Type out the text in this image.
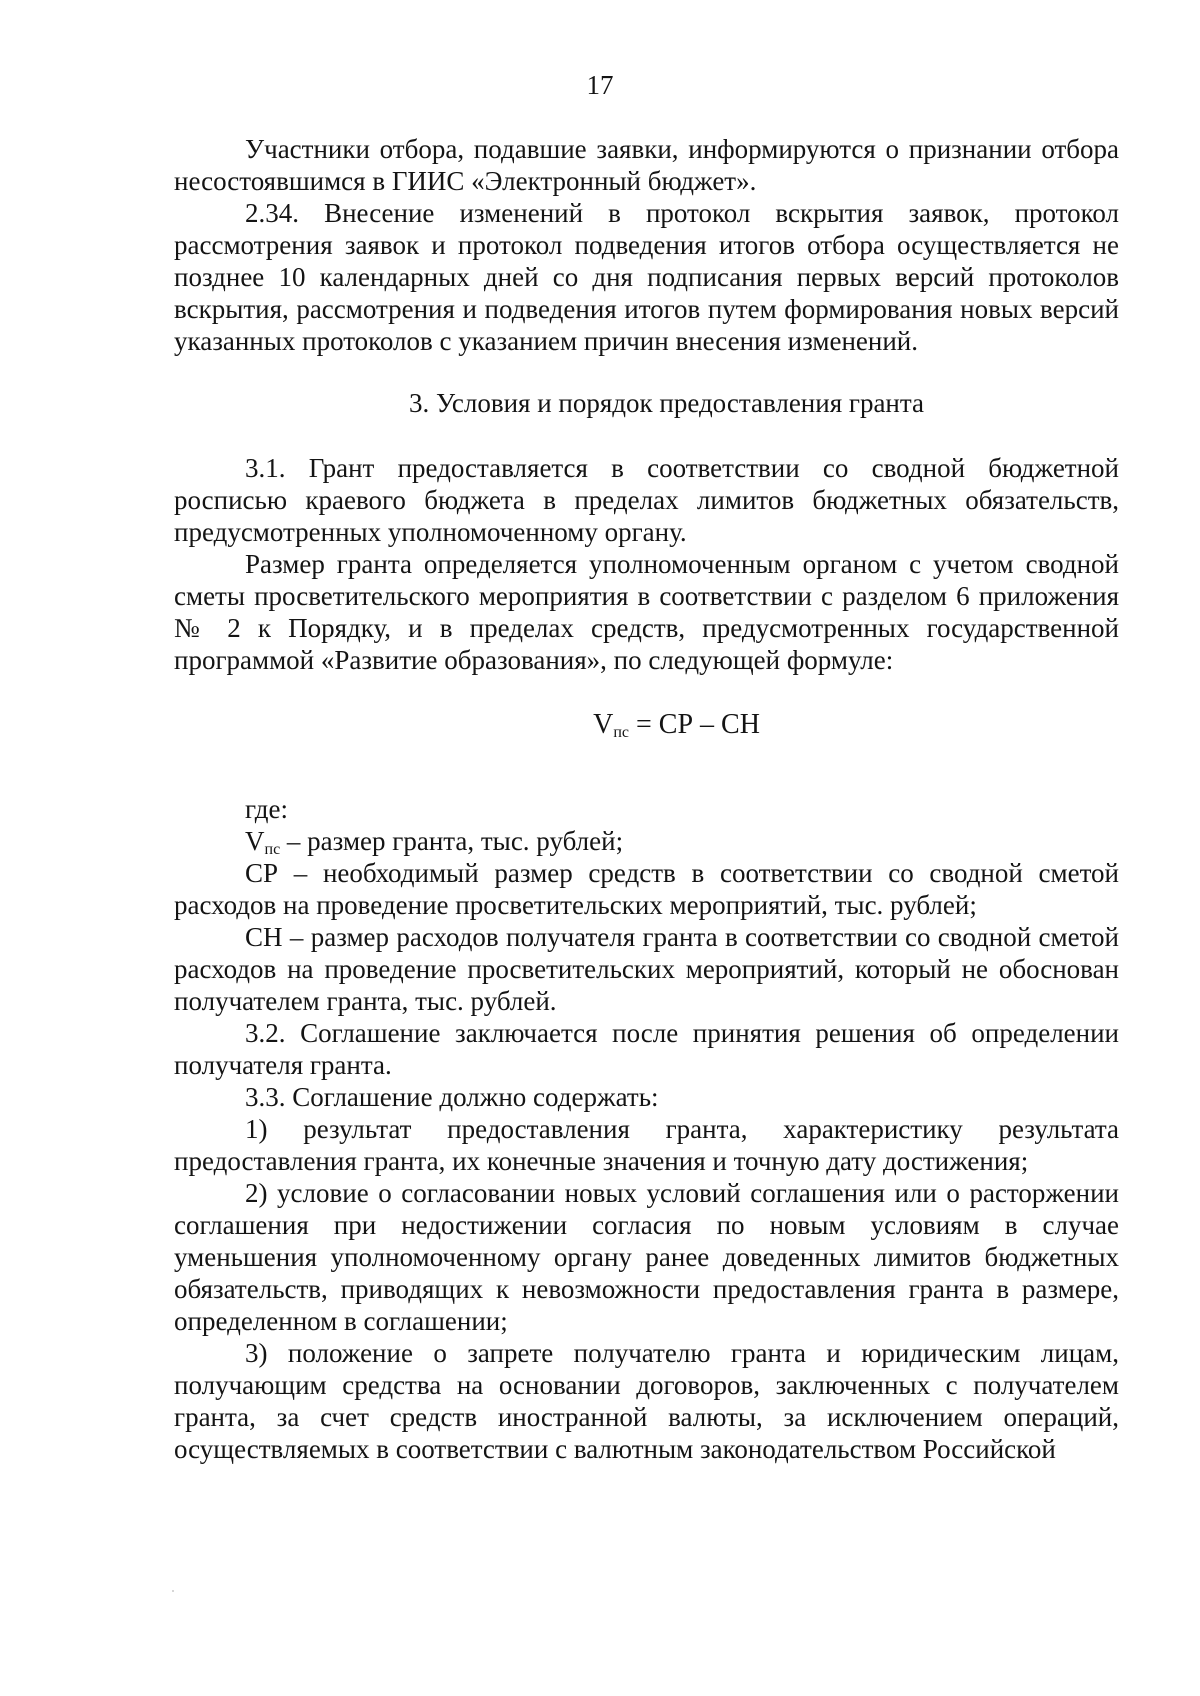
17

Участники отбора, подавшие заявки, информируются о признании отбора несостоявшимся в ГИИС «Электронный бюджет».

2.34. Внесение изменений в протокол вскрытия заявок, протокол рассмотрения заявок и протокол подведения итогов отбора осуществляется не позднее 10 календарных дней со дня подписания первых версий протоколов вскрытия, рассмотрения и подведения итогов путем формирования новых версий указанных протоколов с указанием причин внесения изменений.

3. Условия и порядок предоставления гранта

3.1. Грант предоставляется в соответствии со сводной бюджетной росписью краевого бюджета в пределах лимитов бюджетных обязательств, предусмотренных уполномоченному органу.

Размер гранта определяется уполномоченным органом с учетом сводной сметы просветительского мероприятия в соответствии с разделом 6 приложения № 2 к Порядку, и в пределах средств, предусмотренных государственной программой «Развитие образования», по следующей формуле:

$V_{пс}$ = СР – СН

где:

$V_{пс}$ – размер гранта, тыс. рублей;

СР – необходимый размер средств в соответствии со сводной сметой расходов на проведение просветительских мероприятий, тыс. рублей;

СН – размер расходов получателя гранта в соответствии со сводной сметой расходов на проведение просветительских мероприятий, который не обоснован получателем гранта, тыс. рублей.

3.2. Соглашение заключается после принятия решения об определении получателя гранта.

3.3. Соглашение должно содержать:

1) результат предоставления гранта, характеристику результата предоставления гранта, их конечные значения и точную дату достижения;

2) условие о согласовании новых условий соглашения или о расторжении соглашения при недостижении согласия по новым условиям в случае уменьшения уполномоченному органу ранее доведенных лимитов бюджетных обязательств, приводящих к невозможности предоставления гранта в размере, определенном в соглашении;

3) положение о запрете получателю гранта и юридическим лицам, получающим средства на основании договоров, заключенных с получателем гранта, за счет средств иностранной валюты, за исключением операций, осуществляемых в соответствии с валютным законодательством Российской
